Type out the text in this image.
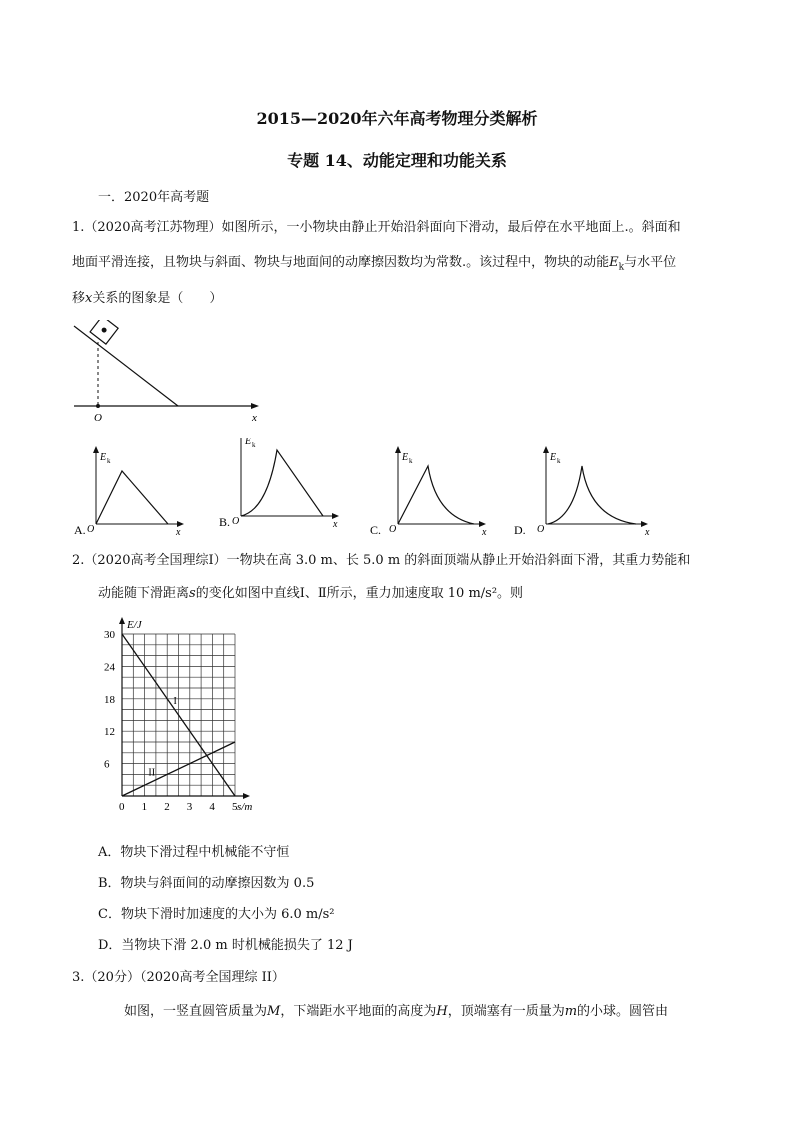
2015—2020年六年高考物理分类解析
专题 14、动能定理和功能关系
一．2020年高考题
1.（2020高考江苏物理）如图所示，一小物块由静止开始沿斜面向下滑动，最后停在水平地面上.。斜面和
地面平滑连接，且物块与斜面、物块与地面间的动摩擦因数均为常数.。该过程中，物块的动能$E_k$与水平位
移x关系的图象是（　　）
O	x
A.
E k
O	x
B.
E k
O	x	C.
E k
O	x D.
E k
O	x
2.（2020高考全国理综Ⅰ）一物块在高 3.0 m、长 5.0 m 的斜面顶端从静止开始沿斜面下滑，其重力势能和
动能随下滑距离s的变化如图中直线Ⅰ、Ⅱ所示，重力加速度取 10 m/s²。则
I
II
0 1 2 3 4 5
6
12
18
24
30
E/J
s/m
A．物块下滑过程中机械能不守恒
B．物块与斜面间的动摩擦因数为 0.5
C．物块下滑时加速度的大小为 6.0 m/s²
D．当物块下滑 2.0 m 时机械能损失了 12 J
3.（20分）（2020高考全国理综 II）
如图，一竖直圆管质量为M，下端距水平地面的高度为H，顶端塞有一质量为m的小球。圆管由
